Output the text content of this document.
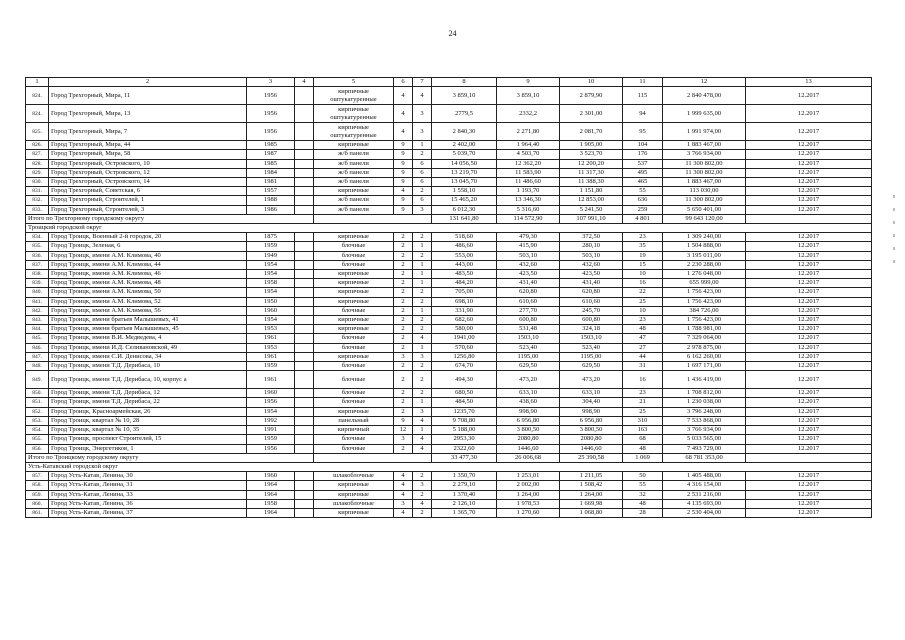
24
1	2	3	4	5	6	7	8	9	10	11	12	13
824.	Город Трехгорный, Мира, 11	1956		кирпичные оштукатуренные	4	4	3 859,10	3 859,10	2 879,90	115	2 840 478,00	12.2017
824.	Город Трехгорный, Мира, 13	1956		кирпичные оштукатуренные	4	3	2779,5	2332,2	2 301,00	94	1 999 635,00	12.2017
825.	Город Трехгорный, Мира, 7	1956		кирпичные оштукатуренные	4	3	2 840,30	2 271,80	2 081,70	95	1 991 974,00	12.2017
826.	Город Трехгорный, Мира, 44	1985		кирпичные	9	1	2 402,00	1 964,40	1 905,00	104	1 883 467,00	12.2017
827.	Город Трехгорный, Мира, 58	1987		ж/б панели	9	2	5 039,70	4 503,70	3 523,70	176	3 766 934,00	12.2017
828.	Город Трехгорный, Островского, 10	1985		ж/б панели	9	6	14 056,50	12 362,20	12 200,20	537	11 300 802,00	12.2017
829.	Город Трехгорный, Островского, 12	1984		ж/б панели	9	6	13 219,70	11 583,90	11 317,30	495	11 300 802,00	12.2017
830.	Город Трехгорный, Островского, 14	1981		ж/б панели	9	6	13 045,70	11 486,60	11 388,30	465	1 883 467,00	12.2017
831.	Город Трехгорный, Советская, 6	1957		кирпичные	4	2	1 558,10	1 193,70	1 151,80	55	113 030,00	12.2017
832.	Город Трехгорный, Строителей, 1	1988		ж/б панели	9	6	15 465,20	13 346,30	12 853,00	636	11 300 802,00	12.2017
833.	Город Трехгорный, Строителей, 3	1986		ж/б панели	9	3	6 012,30	5 316,60	5 241,50	259	5 650 401,00	12.2017
Итого по Трехгорному городскому округу							131 641,80	114 572,90	107 991,10	4 801	99 643 120,00	
Троицкий городской округ												
834.	Город Троицк, Военный 2-й городок, 20	1875		кирпичные	2	2	518,60	479,30	372,50	23	1 309 240,00	12.2017
835.	Город Троицк, Зеленая, 6	1959		блочные	2	1	486,60	415,90	280,10	35	1 504 888,00	12.2017
836.	Город Троицк, имени А.М. Климова, 40	1949		блочные	2	2	553,00	503,10	503,10	19	3 195 011,00	12.2017
837.	Город Троицк, имени А.М. Климова, 44	1954		блочные	2	1	443,00	432,60	432,60	15	2 230 288,00	12.2017
838.	Город Троицк, имени А.М. Климова, 46	1954		кирпичные	2	1	483,50	423,50	423,50	10	1 276 048,00	12.2017
839.	Город Троицк, имени А.М. Климова, 48	1958		кирпичные	2	1	484,20	431,40	431,40	16	655 999,00	12.2017
840.	Город Троицк, имени А.М. Климова, 50	1954		кирпичные	2	2	705,00	620,80	620,80	22	1 756 423,00	12.2017
841.	Город Троицк, имени А.М. Климова, 52	1950		кирпичные	2	2	698,10	610,60	610,60	25	1 756 423,00	12.2017
842.	Город Троицк, имени А.М. Климова, 56	1960		блочные	2	1	331,90	277,70	245,70	10	384 726,00	12.2017
843.	Город Троицк, имени братьев Малышевых, 41	1954		кирпичные	2	2	682,60	600,80	600,80	23	1 756 423,00	12.2017
844.	Город Троицк, имени братьев Малышевых, 45	1953		кирпичные	2	2	580,00	531,48	324,18	48	1 788 981,00	12.2017
845.	Город Троицк, имени В.И. Медведева, 4	1961		блочные	2	4	1941,00	1503,10	1503,10	47	7 329 064,00	12.2017
846.	Город Троицк, имени И.Д. Селивановской, 49	1953		блочные	2	1	570,60	523,40	523,40	27	2 978 875,00	12.2017
847.	Город Троицк, имени С.И. Денисова, 34	1961		кирпичные	3	3	1256,80	1195,00	1195,00	44	6 162 260,00	12.2017
848.	Город Троицк, имени Т.Д. Дерибаса, 10	1959		блочные	2	2	674,70	629,50	629,50	31	1 697 171,00	12.2017
849.	Город Троицк, имени Т.Д. Дерибаса, 10, корпус а	1961		блочные	2	2	494,30	473,20	473,20	16	1 436 419,00	12.2017
850.	Город Троицк, имени Т.Д. Дерибаса, 12	1960		блочные	2	2	680,50	633,10	633,10	23	1 708 812,00	12.2017
851.	Город Троицк, имени Т.Д. Дерибаса, 22	1956		блочные	2	1	484,50	438,60	304,40	21	1 230 038,00	12.2017
852.	Город Троицк, Красноармейская, 26	1954		кирпичные	2	3	1235,70	998,90	998,90	25	3 796 248,00	12.2017
853.	Город Троицк, квартал № 10, 28	1992		панельный	9	4	9 708,80	6 956,80	6 956,80	310	7 533 868,00	12.2017
854.	Город Троицк, квартал № 10, 35	1991		кирпичный	12	1	5 188,00	3 800,50	3 800,50	163	3 766 934,00	12.2017
855.	Город Троицк, проспект Строителей, 15	1959		блочные	3	4	2953,30	2080,80	2080,80	68	5 033 565,00	12.2017
856.	Город Троицк, Энергетиков, 1	1956		блочные	2	4	2322,60	1446,60	1446,60	48	7 493 729,00	12.2017
Итого по Троицкому городскому округу							33 477,30	26 006,68	25 390,58	1 069	68 781 353,00	
Усть-Катавский городской округ												
857.	Город Усть-Катав, Ленина, 30	1960		шлакоблочные	4	2	1 350,70	1 253,01	1 211,05	50	1 405 488,00	12.2017
858.	Город Усть-Катав, Ленина, 31	1964		кирпичные	4	3	2 279,10	2 002,00	1 508,42	55	4 316 154,00	12.2017
859.	Город Усть-Катав, Ленина, 33	1964		кирпичные	4	2	1 370,40	1 264,00	1 264,00	32	2 531 216,00	12.2017
860.	Город Усть-Катав, Ленина, 36	1958		шлакоблочные	3	4	2 126,10	1 978,53	1 669,98	48	4 135 693,00	12.2017
861.	Город Усть-Катав, Ленина, 37	1964		кирпичные	4	2	1 365,70	1 270,60	1 068,80	28	2 530 404,00	12.2017
